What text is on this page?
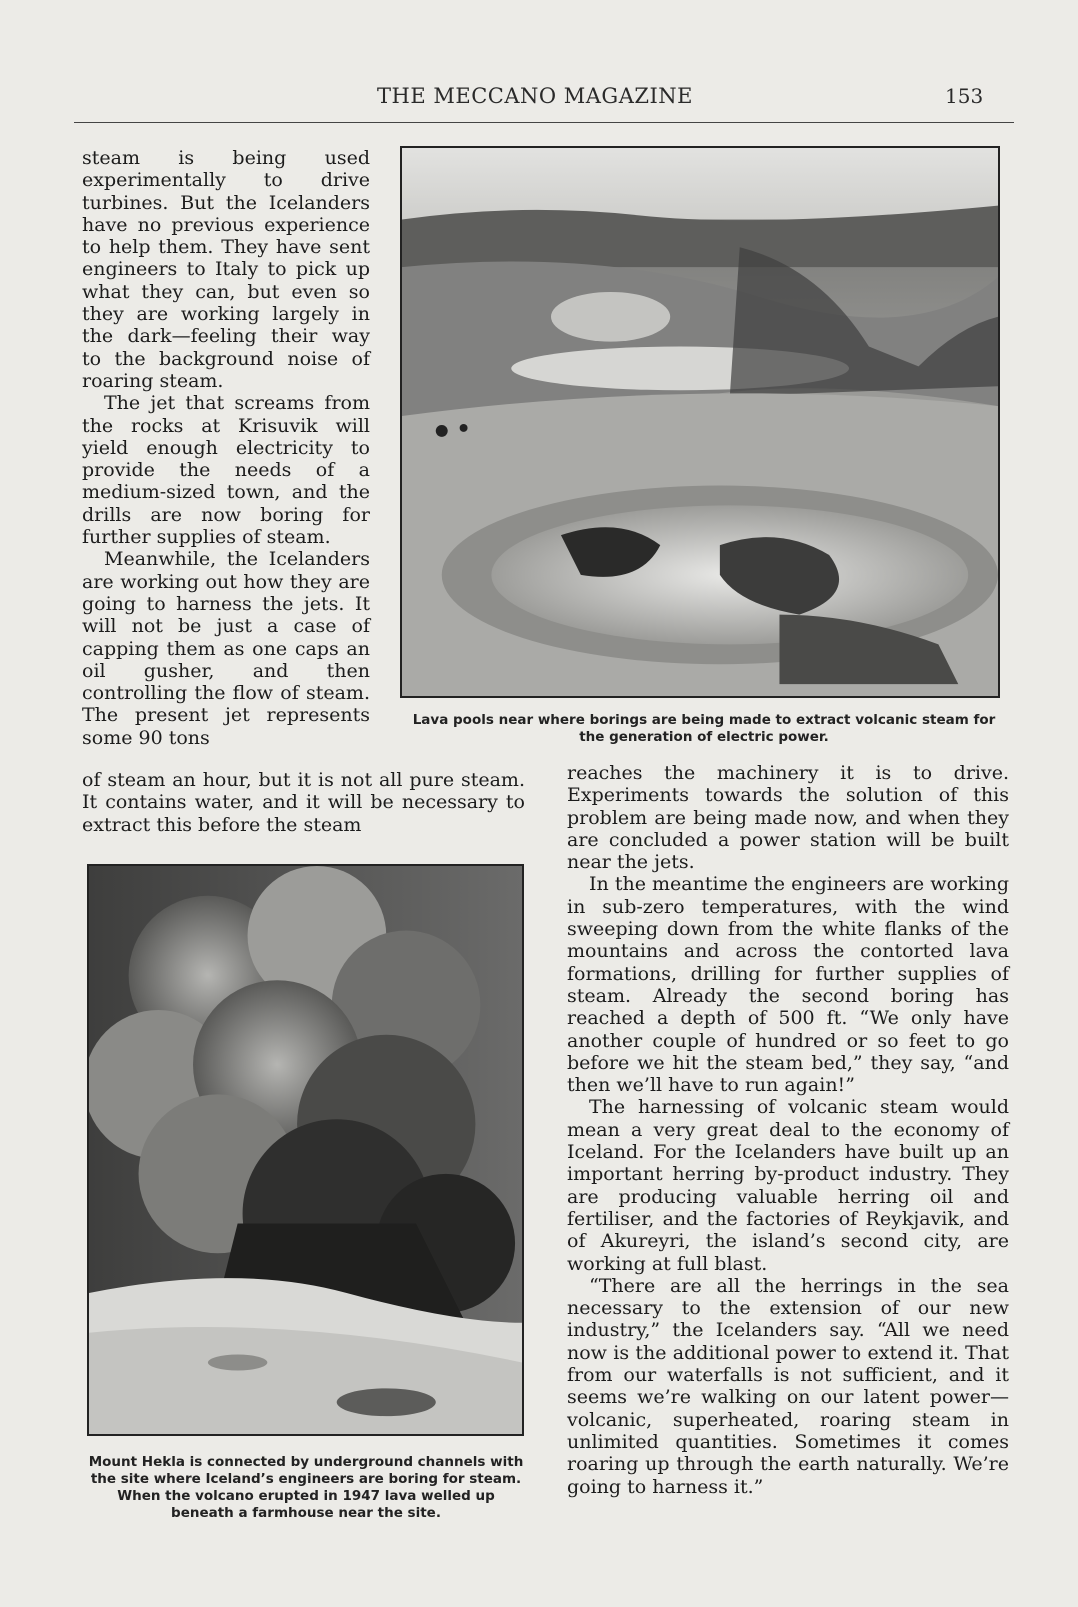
THE MECCANO MAGAZINE	153

steam is being used experimentally to drive turbines. But the Icelanders have no previous experience to help them. They have sent engineers to Italy to pick up what they can, but even so they are working largely in the dark—feeling their way to the background noise of roaring steam.

The jet that screams from the rocks at Krisuvik will yield enough electricity to provide the needs of a medium-sized town, and the drills are now boring for further supplies of steam.

Meanwhile, the Icelanders are working out how they are going to harness the jets. It will not be just a case of capping them as one caps an oil gusher, and then controlling the flow of steam. The present jet represents some 90 tons

Lava pools near where borings are being made to extract volcanic steam for the generation of electric power.

of steam an hour, but it is not all pure steam. It contains water, and it will be necessary to extract this before the steam

Mount Hekla is connected by underground channels with the site where Iceland’s engineers are boring for steam. When the volcano erupted in 1947 lava welled up beneath a farmhouse near the site.

reaches the machinery it is to drive. Experiments towards the solution of this problem are being made now, and when they are concluded a power station will be built near the jets.

In the meantime the engineers are working in sub-zero temperatures, with the wind sweeping down from the white flanks of the mountains and across the contorted lava formations, drilling for further supplies of steam. Already the second boring has reached a depth of 500 ft. “We only have another couple of hundred or so feet to go before we hit the steam bed,” they say, “and then we’ll have to run again!”

The harnessing of volcanic steam would mean a very great deal to the economy of Iceland. For the Icelanders have built up an important herring by-product industry. They are producing valuable herring oil and fertiliser, and the factories of Reykjavik, and of Akureyri, the island’s second city, are working at full blast.

“There are all the herrings in the sea necessary to the extension of our new industry,” the Icelanders say. “All we need now is the additional power to extend it. That from our waterfalls is not sufficient, and it seems we’re walking on our latent power—volcanic, superheated, roaring steam in unlimited quantities. Sometimes it comes roaring up through the earth naturally. We’re going to harness it.”
